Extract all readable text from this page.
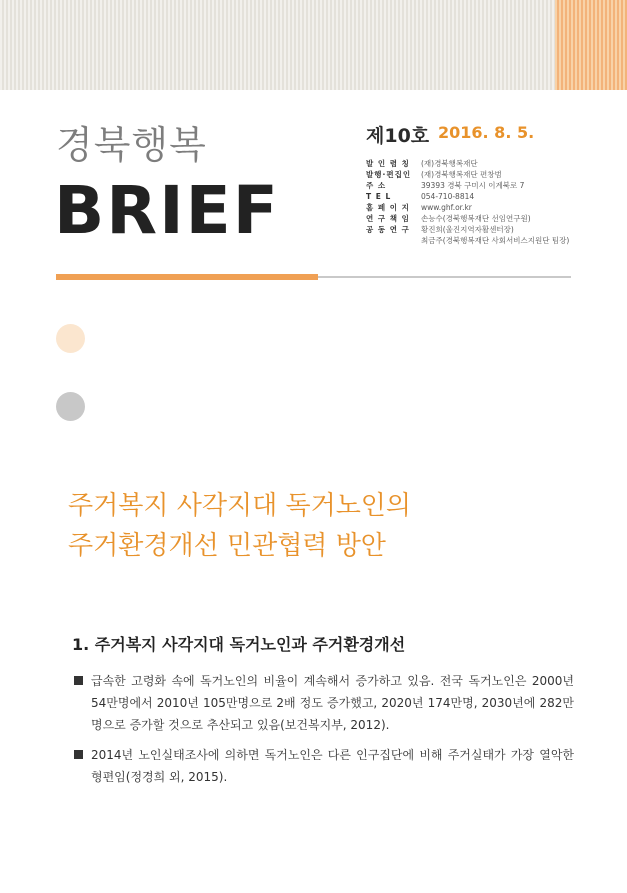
경북행복
BRIEF
제10호 2016. 8. 5.
발 인 렴 칭	(재)경북행복재단
발행·편집인	(재)경북행복재단 편창범
주 소	39393 경북 구미시 이계북로 7
T E L	054-710-8814
홈 페 이 지	www.ghf.or.kr
연 구 책 임	손능수(경북행복재단 선임연구원)
공 동 연 구	황진희(울진지역자활센터장)
최금주(경북행복재단 사회서비스지원단 팀장)
주거복지 사각지대 독거노인의
주거환경개선 민관협력 방안
1. 주거복지 사각지대 독거노인과 주거환경개선
급속한 고령화 속에 독거노인의 비율이 계속해서 증가하고 있음. 전국 독거노인은 2000년 54만명에서 2010년 105만명으로 2배 정도 증가했고, 2020년 174만명, 2030년에 282만명으로 증가할 것으로 추산되고 있음(보건복지부, 2012).
2014년 노인실태조사에 의하면 독거노인은 다른 인구집단에 비해 주거실태가 가장 열악한 형편임(정경희 외, 2015).
